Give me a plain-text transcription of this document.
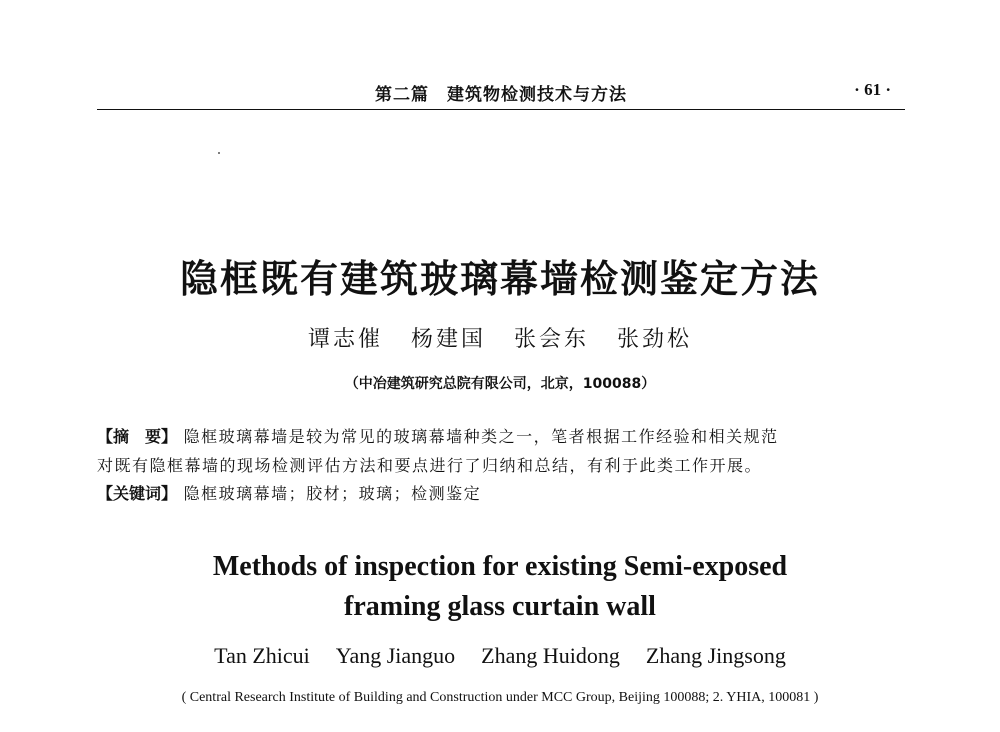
第二篇 建筑物检测技术与方法	· 61 ·
隐框既有建筑玻璃幕墙检测鉴定方法
谭志催 杨建国 张会东 张劲松
（中冶建筑研究总院有限公司，北京，100088）

【摘　要】 隐框玻璃幕墙是较为常见的玻璃幕墙种类之一，笔者根据工作经验和相关规范

对既有隐框幕墙的现场检测评估方法和要点进行了归纳和总结，有利于此类工作开展。

【关键词】 隐框玻璃幕墙；胶材；玻璃；检测鉴定
Methods of inspection for existing Semi-exposed
framing glass curtain wall
Tan Zhicui Yang Jianguo Zhang Huidong Zhang Jingsong
( Central Research Institute of Building and Construction under MCC Group, Beijing 100088; 2. YHIA, 100081 )
